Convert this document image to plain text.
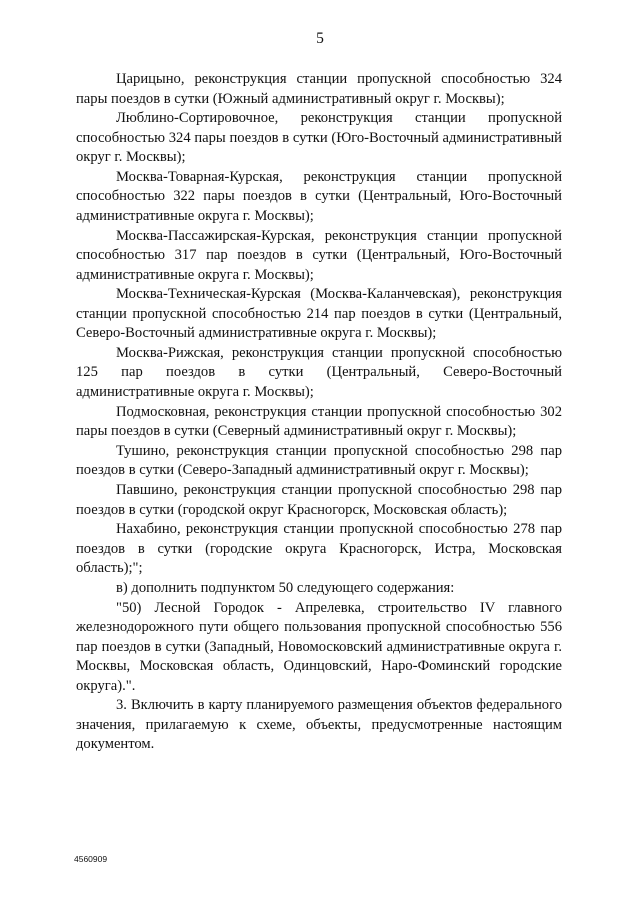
5

Царицыно, реконструкция станции пропускной способностью 324 пары поездов в сутки (Южный административный округ г. Москвы);

Люблино-Сортировочное, реконструкция станции пропускной способностью 324 пары поездов в сутки (Юго-Восточный административный округ г. Москвы);

Москва-Товарная-Курская, реконструкция станции пропускной способностью 322 пары поездов в сутки (Центральный, Юго-Восточный административные округа г. Москвы);

Москва-Пассажирская-Курская, реконструкция станции пропускной способностью 317 пар поездов в сутки (Центральный, Юго-Восточный административные округа г. Москвы);

Москва-Техническая-Курская (Москва-Каланчевская), реконструкция станции пропускной способностью 214 пар поездов в сутки (Центральный, Северо-Восточный административные округа г. Москвы);

Москва-Рижская, реконструкция станции пропускной способностью 125 пар поездов в сутки (Центральный, Северо-Восточный административные округа г. Москвы);

Подмосковная, реконструкция станции пропускной способностью 302 пары поездов в сутки (Северный административный округ г. Москвы);

Тушино, реконструкция станции пропускной способностью 298 пар поездов в сутки (Северо-Западный административный округ г. Москвы);

Павшино, реконструкция станции пропускной способностью 298 пар поездов в сутки (городской округ Красногорск, Московская область);

Нахабино, реконструкция станции пропускной способностью 278 пар поездов в сутки (городские округа Красногорск, Истра, Московская область);";

в) дополнить подпунктом 50 следующего содержания:

"50) Лесной Городок - Апрелевка, строительство IV главного железнодорожного пути общего пользования пропускной способностью 556 пар поездов в сутки (Западный, Новомосковский административные округа г. Москвы, Московская область, Одинцовский, Наро-Фоминский городские округа).".

3. Включить в карту планируемого размещения объектов федерального значения, прилагаемую к схеме, объекты, предусмотренные настоящим документом.

4560909
